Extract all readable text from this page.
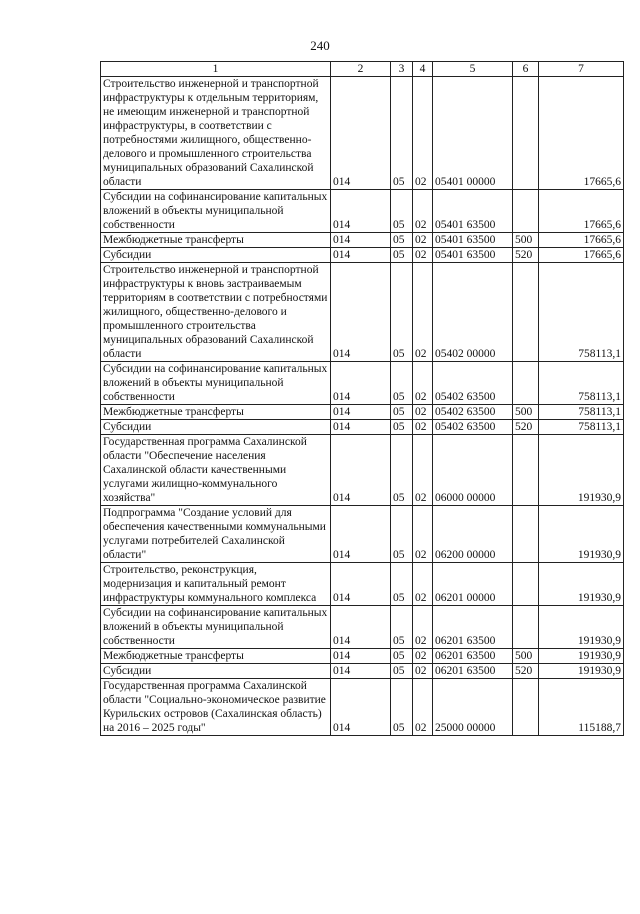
240
1	2	3	4	5	6	7
Строительство инженерной и транспортной инфраструктуры к отдельным территориям, не имеющим инженерной и транспортной инфраструктуры, в соответствии с потребностями жилищного, общественно-делового и промышленного строительства муниципальных образований Сахалинской области	014	05	02	05401 00000		17665,6
Субсидии на софинансирование капитальных вложений в объекты муниципальной собственности	014	05	02	05401 63500		17665,6
Межбюджетные трансферты	014	05	02	05401 63500	500	17665,6
Субсидии	014	05	02	05401 63500	520	17665,6
Строительство инженерной и транспортной инфраструктуры к вновь застраиваемым территориям в соответствии с потребностями жилищного, общественно-делового и промышленного строительства муниципальных образований Сахалинской области	014	05	02	05402 00000		758113,1
Субсидии на софинансирование капитальных вложений в объекты муниципальной собственности	014	05	02	05402 63500		758113,1
Межбюджетные трансферты	014	05	02	05402 63500	500	758113,1
Субсидии	014	05	02	05402 63500	520	758113,1
Государственная программа Сахалинской области "Обеспечение населения Сахалинской области качественными услугами жилищно-коммунального хозяйства"	014	05	02	06000 00000		191930,9
Подпрограмма "Создание условий для обеспечения качественными коммунальными услугами потребителей Сахалинской области"	014	05	02	06200 00000		191930,9
Строительство, реконструкция, модернизация и капитальный ремонт инфраструктуры коммунального комплекса	014	05	02	06201 00000		191930,9
Субсидии на софинансирование капитальных вложений в объекты муниципальной собственности	014	05	02	06201 63500		191930,9
Межбюджетные трансферты	014	05	02	06201 63500	500	191930,9
Субсидии	014	05	02	06201 63500	520	191930,9
Государственная программа Сахалинской области "Социально-экономическое развитие Курильских островов (Сахалинская область) на 2016 – 2025 годы"	014	05	02	25000 00000		115188,7
